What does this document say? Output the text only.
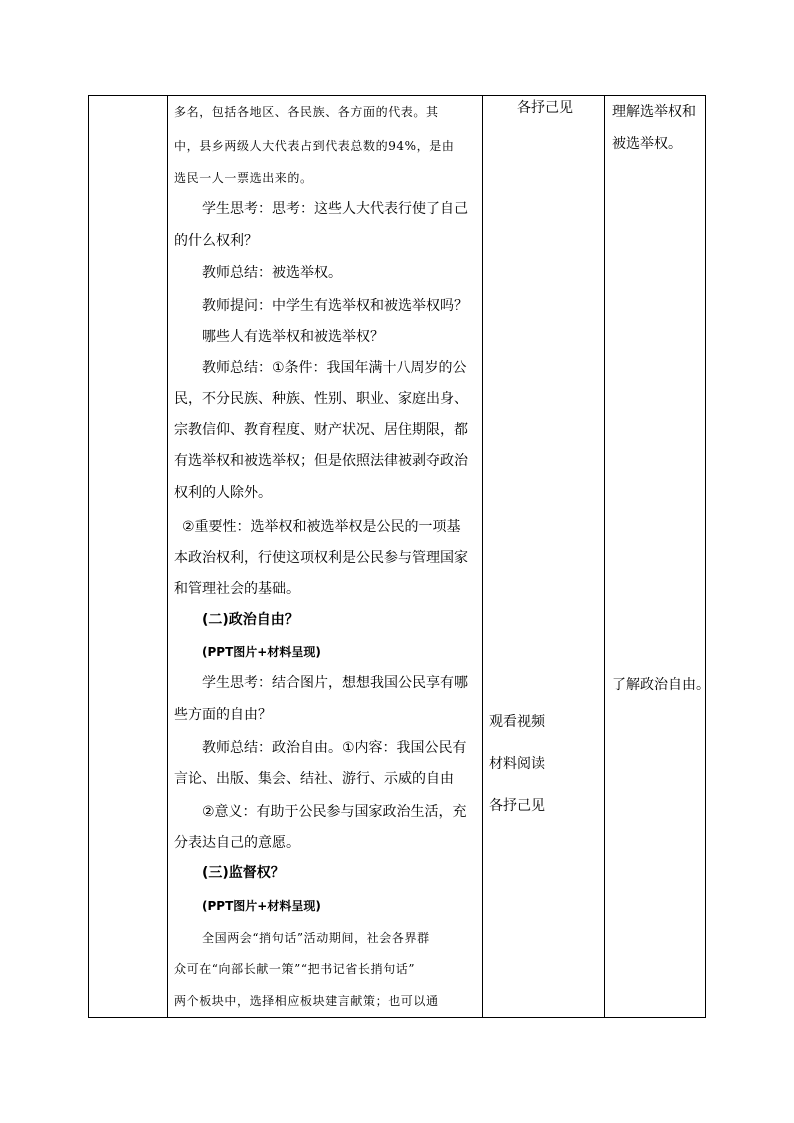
多名，包括各地区、各民族、各方面的代表。其
中，县乡两级人大代表占到代表总数的94%，是由
选民一人一票选出来的。
学生思考：思考：这些人大代表行使了自己
的什么权利？
教师总结：被选举权。
教师提问：中学生有选举权和被选举权吗？
哪些人有选举权和被选举权？
教师总结：①条件：我国年满十八周岁的公
民，不分民族、种族、性别、职业、家庭出身、
宗教信仰、教育程度、财产状况、居住期限，都
有选举权和被选举权；但是依照法律被剥夺政治
权利的人除外。
②重要性：选举权和被选举权是公民的一项基
本政治权利，行使这项权利是公民参与管理国家
和管理社会的基础。
(二)政治自由？
(PPT图片+材料呈现)
学生思考：结合图片，想想我国公民享有哪
些方面的自由？
教师总结：政治自由。①内容：我国公民有
言论、出版、集会、结社、游行、示威的自由
②意义：有助于公民参与国家政治生活，充
分表达自己的意愿。
(三)监督权？
(PPT图片+材料呈现)
全国两会“捎句话”活动期间，社会各界群
众可在“向部长献一策”“把书记省长捎句话”
两个板块中，选择相应板块建言献策；也可以通
各抒己见
观看视频
材料阅读
各抒己见
理解选举权和
被选举权。
了解政治自由。
